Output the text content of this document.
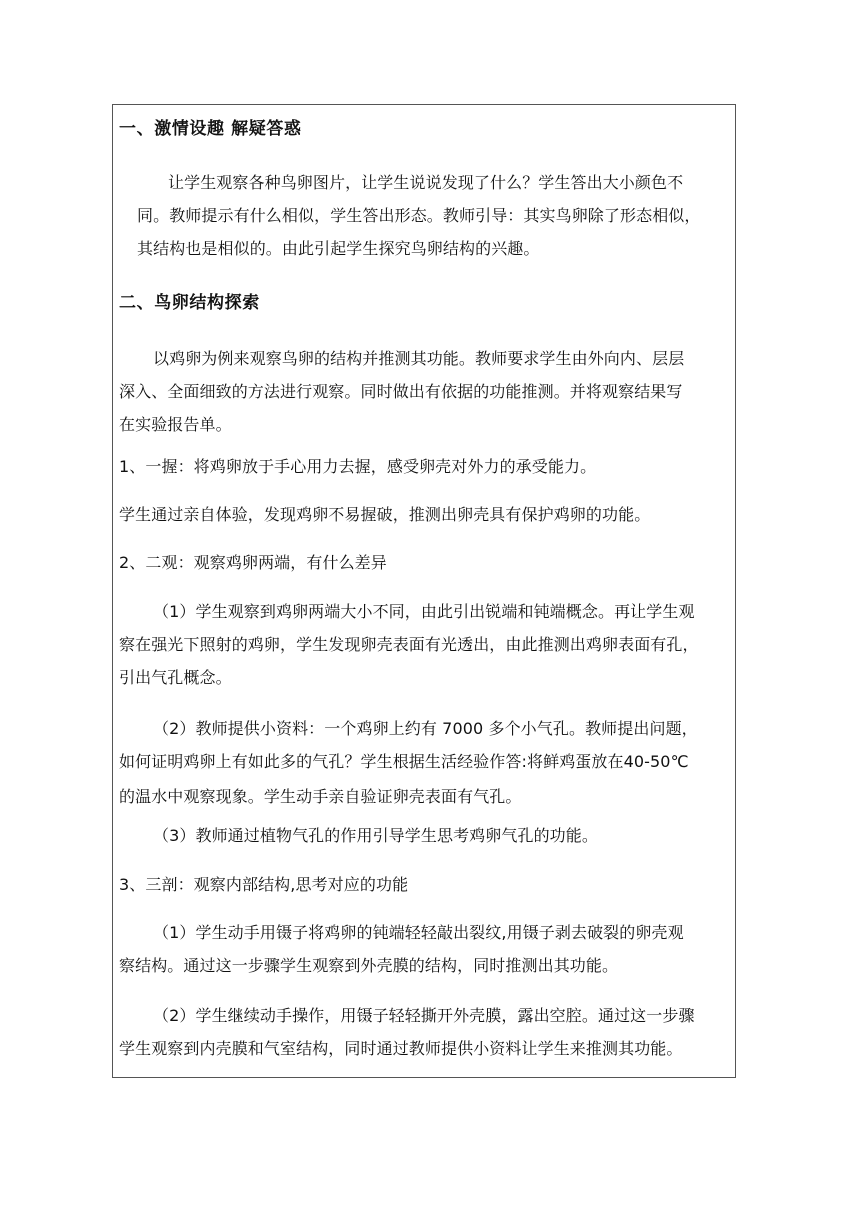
一、激情设趣 解疑答惑
让学生观察各种鸟卵图片，让学生说说发现了什么？学生答出大小颜色不
同。教师提示有什么相似，学生答出形态。教师引导：其实鸟卵除了形态相似，
其结构也是相似的。由此引起学生探究鸟卵结构的兴趣。
二、鸟卵结构探索
以鸡卵为例来观察鸟卵的结构并推测其功能。教师要求学生由外向内、层层
深入、全面细致的方法进行观察。同时做出有依据的功能推测。并将观察结果写
在实验报告单。
1、一握：将鸡卵放于手心用力去握，感受卵壳对外力的承受能力。
学生通过亲自体验，发现鸡卵不易握破，推测出卵壳具有保护鸡卵的功能。
2、二观：观察鸡卵两端，有什么差异
（1）学生观察到鸡卵两端大小不同，由此引出锐端和钝端概念。再让学生观
察在强光下照射的鸡卵，学生发现卵壳表面有光透出，由此推测出鸡卵表面有孔，
引出气孔概念。
（2）教师提供小资料：一个鸡卵上约有 7000 多个小气孔。教师提出问题，
如何证明鸡卵上有如此多的气孔？学生根据生活经验作答:将鲜鸡蛋放在40-50℃
的温水中观察现象。学生动手亲自验证卵壳表面有气孔。
（3）教师通过植物气孔的作用引导学生思考鸡卵气孔的功能。
3、三剖：观察内部结构,思考对应的功能
（1）学生动手用镊子将鸡卵的钝端轻轻敲出裂纹,用镊子剥去破裂的卵壳观
察结构。通过这一步骤学生观察到外壳膜的结构，同时推测出其功能。
（2）学生继续动手操作，用镊子轻轻撕开外壳膜，露出空腔。通过这一步骤
学生观察到内壳膜和气室结构，同时通过教师提供小资料让学生来推测其功能。
